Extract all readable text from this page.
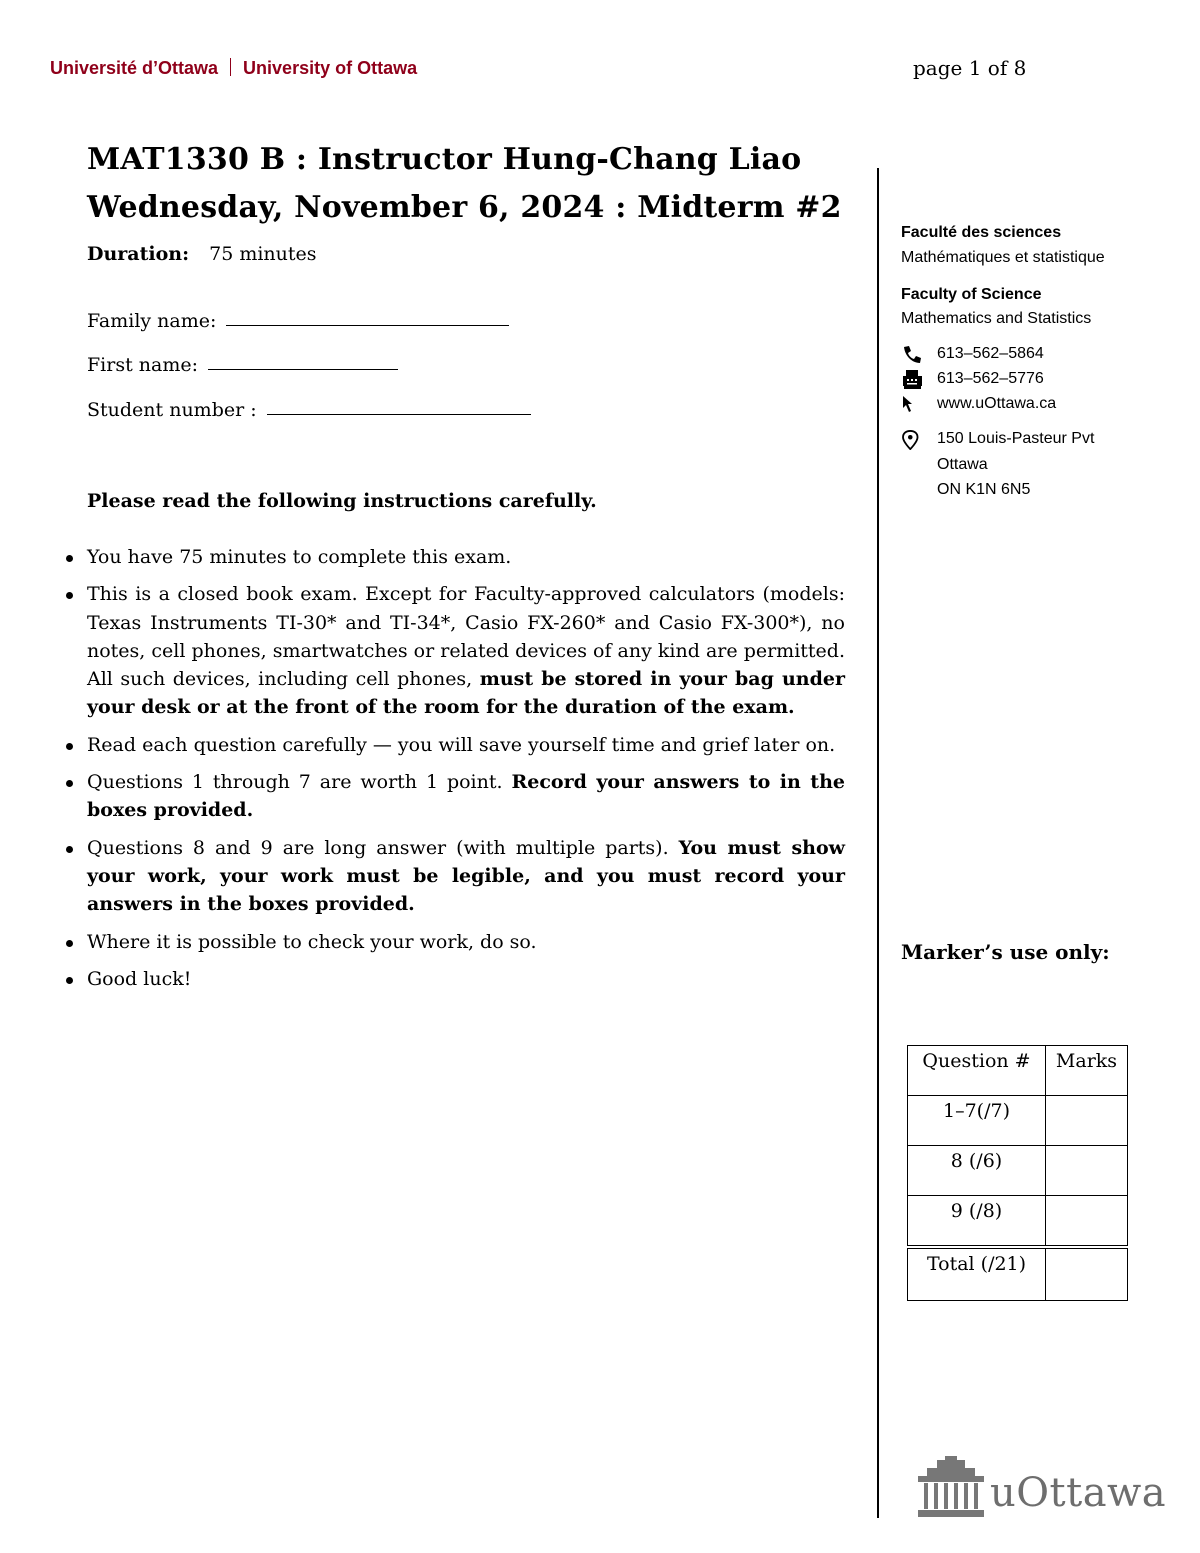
Université d’Ottawa University of Ottawa	page 1 of 8
MAT1330 B : Instructor Hung-Chang Liao
Wednesday, November 6, 2024 : Midterm #2
Duration: 75 minutes
Family name:
First name:
Student number :
Please read the following instructions carefully.
You have 75 minutes to complete this exam.
This is a closed book exam. Except for Faculty-approved calculators (models: Texas Instruments TI-30* and TI-34*, Casio FX-260* and Casio FX-300*), no notes, cell phones, smartwatches or related devices of any kind are permitted. All such devices, including cell phones, must be stored in your bag under your desk or at the front of the room for the duration of the exam.
Read each question carefully — you will save yourself time and grief later on.
Questions 1 through 7 are worth 1 point. Record your answers to in the boxes provided.
Questions 8 and 9 are long answer (with multiple parts). You must show your work, your work must be legible, and you must record your answers in the boxes provided.
Where it is possible to check your work, do so.
Good luck!
Faculté des sciences
Mathématiques et statistique
Faculty of Science
Mathematics and Statistics
613–562–5864
613–562–5776
www.uOttawa.ca
150 Louis-Pasteur Pvt
Ottawa
ON K1N 6N5
Marker’s use only:
Question #	Marks
1–7(/7)	
8 (/6)	
9 (/8)	

Total (/21)	
uOttawa
